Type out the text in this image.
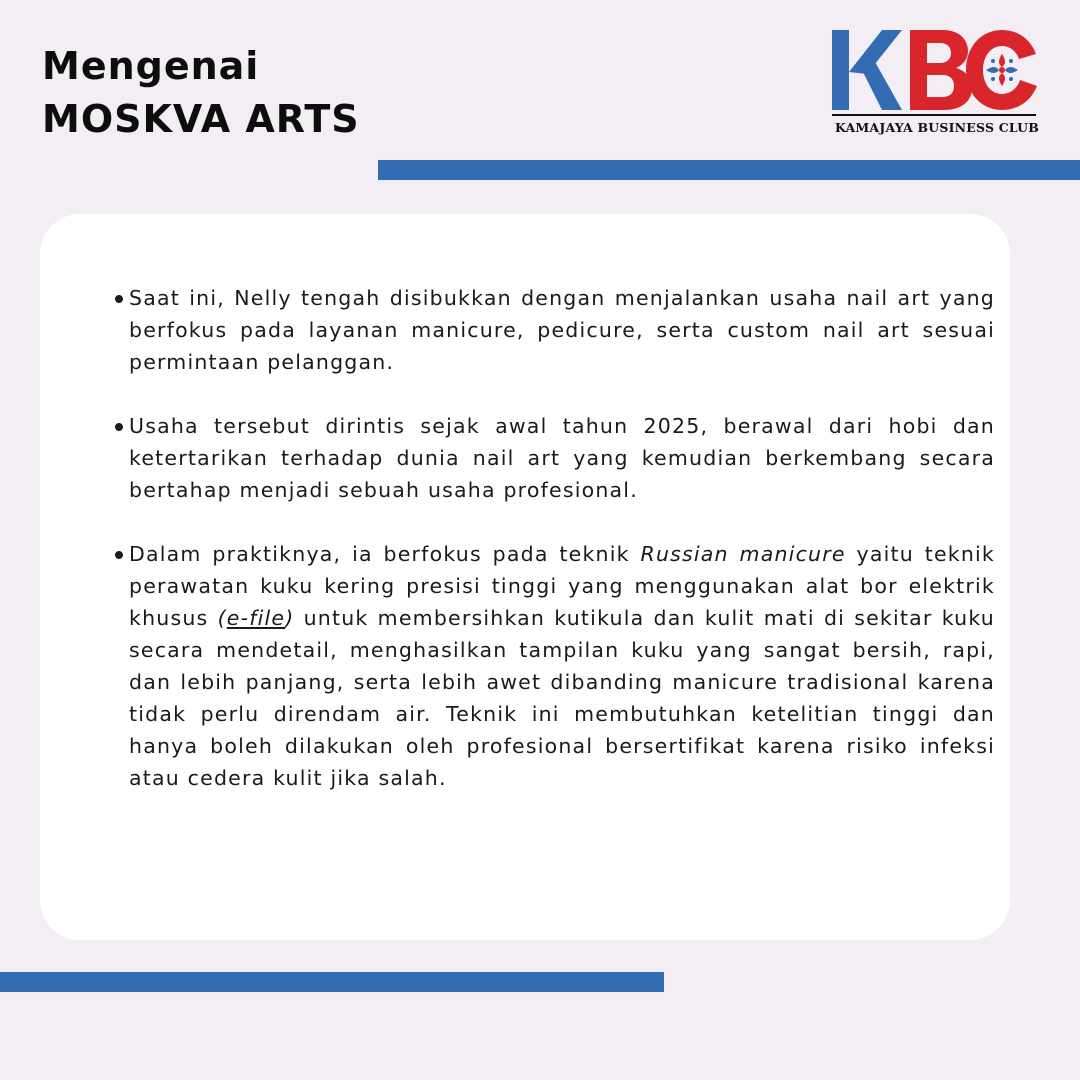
Mengenai
MOSKVA ARTS	KAMAJAYA BUSINESS CLUB
Saat ini, Nelly tengah disibukkan dengan menjalankan usaha nail art yang berfokus pada layanan manicure, pedicure, serta custom nail art sesuai permintaan pelanggan.
Usaha tersebut dirintis sejak awal tahun 2025, berawal dari hobi dan ketertarikan terhadap dunia nail art yang kemudian berkembang secara bertahap menjadi sebuah usaha profesional.
Dalam praktiknya, ia berfokus pada teknik Russian manicure yaitu teknik perawatan kuku kering presisi tinggi yang menggunakan alat bor elektrik khusus (e-file) untuk membersihkan kutikula dan kulit mati di sekitar kuku secara mendetail, menghasilkan tampilan kuku yang sangat bersih, rapi, dan lebih panjang, serta lebih awet dibanding manicure tradisional karena tidak perlu direndam air. Teknik ini membutuhkan ketelitian tinggi dan hanya boleh dilakukan oleh profesional bersertifikat karena risiko infeksi atau cedera kulit jika salah.
